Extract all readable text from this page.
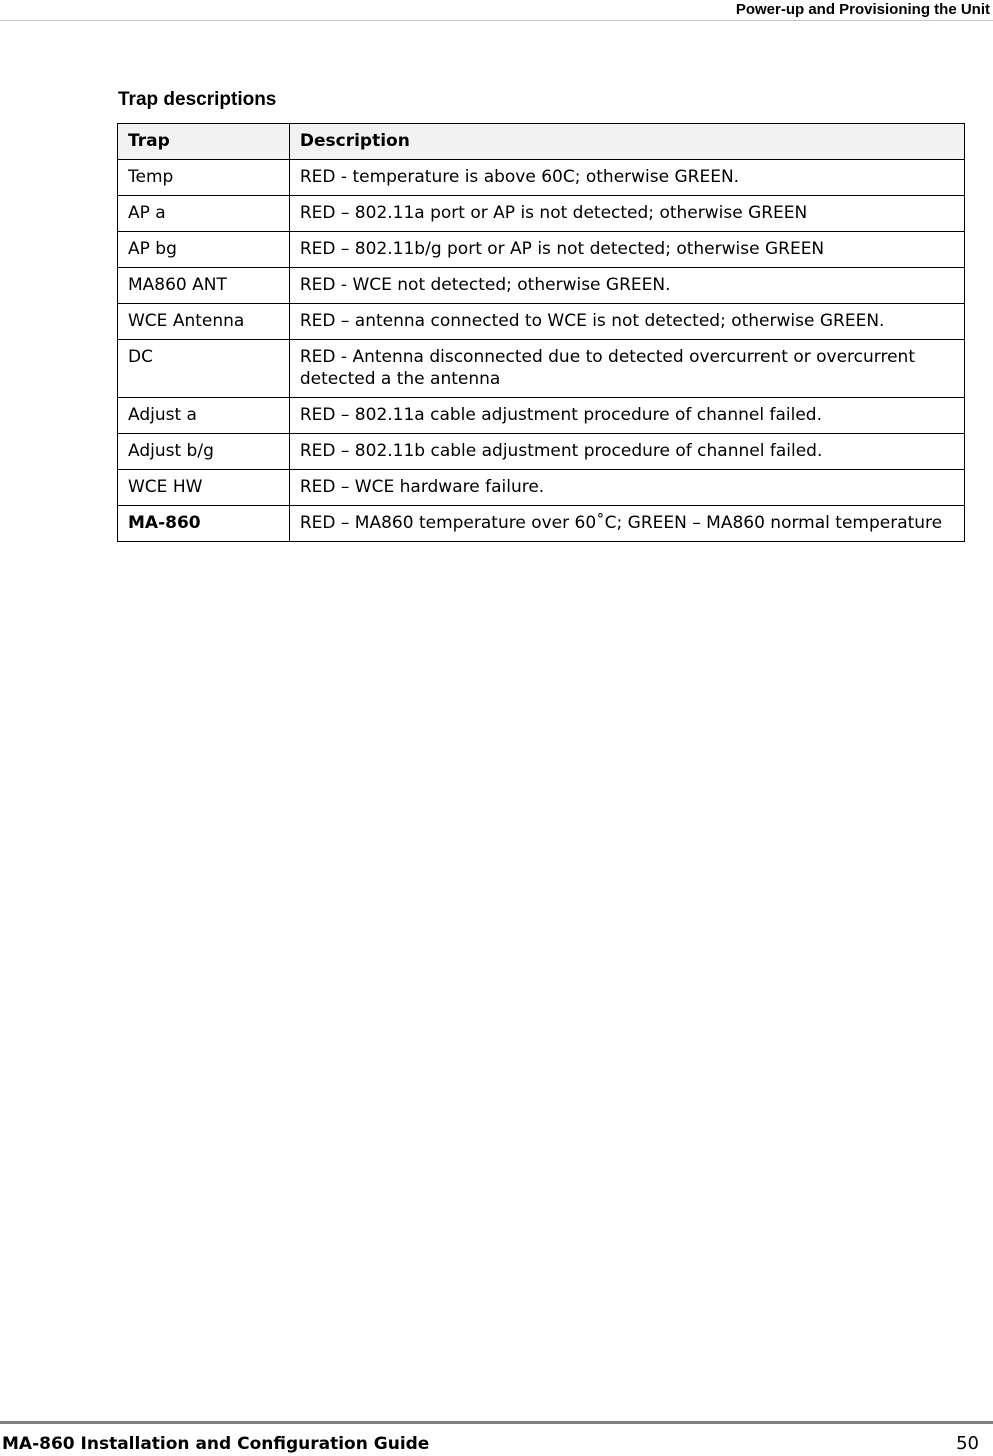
Power-up and Provisioning the Unit
Trap descriptions
Trap	Description
Temp	RED - temperature is above 60C; otherwise GREEN.
AP a	RED – 802.11a port or AP is not detected; otherwise GREEN
AP bg	RED – 802.11b/g port or AP is not detected; otherwise GREEN
MA860 ANT	RED - WCE not detected; otherwise GREEN.
WCE Antenna	RED – antenna connected to WCE is not detected; otherwise GREEN.
DC	RED - Antenna disconnected due to detected overcurrent or overcurrent detected a the antenna
Adjust a	RED – 802.11a cable adjustment procedure of channel failed.
Adjust b/g	RED – 802.11b cable adjustment procedure of channel failed.
WCE HW	RED – WCE hardware failure.
MA-860	RED – MA860 temperature over 60˚C; GREEN – MA860 normal temperature
MA-860 Installation and Configuration Guide	50
